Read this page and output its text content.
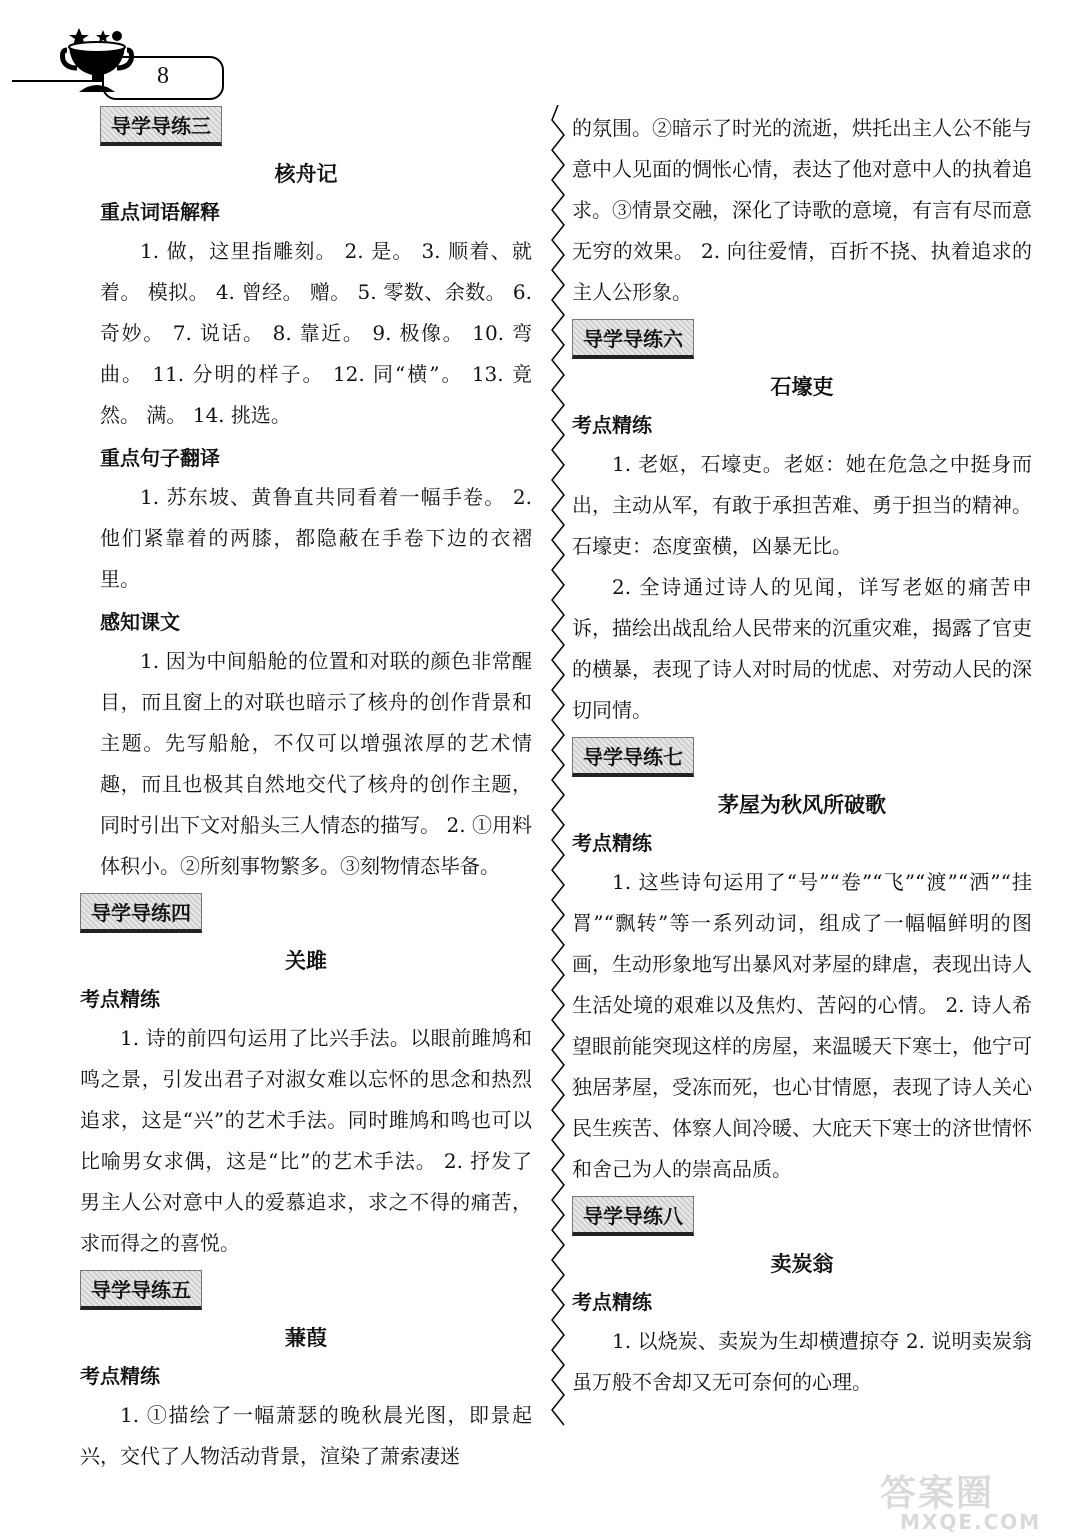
8
导学导练三
核舟记
重点词语解释

1. 做，这里指雕刻。 2. 是。 3. 顺着、就着。 模拟。 4. 曾经。 赠。 5. 零数、余数。 6. 奇妙。 7. 说话。 8. 靠近。 9. 极像。 10. 弯曲。 11. 分明的样子。 12. 同“横”。 13. 竟然。 满。 14. 挑选。

重点句子翻译

1. 苏东坡、黄鲁直共同看着一幅手卷。 2. 他们紧靠着的两膝，都隐蔽在手卷下边的衣褶里。

感知课文

1. 因为中间船舱的位置和对联的颜色非常醒目，而且窗上的对联也暗示了核舟的创作背景和主题。先写船舱，不仅可以增强浓厚的艺术情趣，而且也极其自然地交代了核舟的创作主题，同时引出下文对船头三人情态的描写。 2. ①用料体积小。②所刻事物繁多。③刻物情态毕备。

导学导练四
关雎
考点精练

1. 诗的前四句运用了比兴手法。以眼前雎鸠和鸣之景，引发出君子对淑女难以忘怀的思念和热烈追求，这是“兴”的艺术手法。同时雎鸠和鸣也可以比喻男女求偶，这是“比”的艺术手法。 2. 抒发了男主人公对意中人的爱慕追求，求之不得的痛苦，求而得之的喜悦。

导学导练五
蒹葭
考点精练

1. ①描绘了一幅萧瑟的晚秋晨光图，即景起兴，交代了人物活动背景，渲染了萧索凄迷

的氛围。②暗示了时光的流逝，烘托出主人公不能与意中人见面的惆怅心情，表达了他对意中人的执着追求。③情景交融，深化了诗歌的意境，有言有尽而意无穷的效果。 2. 向往爱情，百折不挠、执着追求的主人公形象。

导学导练六
石壕吏
考点精练

1. 老妪，石壕吏。老妪：她在危急之中挺身而出，主动从军，有敢于承担苦难、勇于担当的精神。石壕吏：态度蛮横，凶暴无比。

2. 全诗通过诗人的见闻，详写老妪的痛苦申诉，描绘出战乱给人民带来的沉重灾难，揭露了官吏的横暴，表现了诗人对时局的忧虑、对劳动人民的深切同情。

导学导练七
茅屋为秋风所破歌
考点精练

1. 这些诗句运用了“号”“卷”“飞”“渡”“洒”“挂罥”“飘转”等一系列动词，组成了一幅幅鲜明的图画，生动形象地写出暴风对茅屋的肆虐，表现出诗人生活处境的艰难以及焦灼、苦闷的心情。 2. 诗人希望眼前能突现这样的房屋，来温暖天下寒士，他宁可独居茅屋，受冻而死，也心甘情愿，表现了诗人关心民生疾苦、体察人间冷暖、大庇天下寒士的济世情怀和舍己为人的崇高品质。

导学导练八
卖炭翁
考点精练

1. 以烧炭、卖炭为生却横遭掠夺 2. 说明卖炭翁虽万般不舍却又无可奈何的心理。

答案圈
MXQE.COM
